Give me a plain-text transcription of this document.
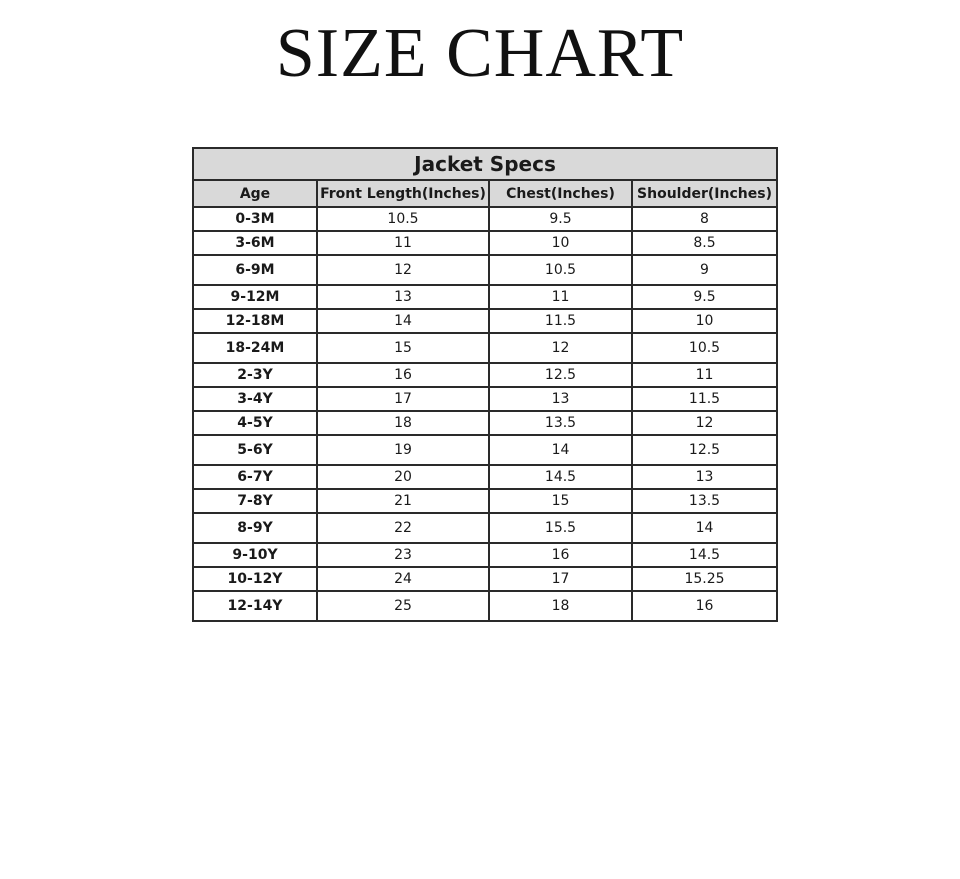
SIZE CHART
Jacket Specs			
Age	Front Length(Inches)	Chest(Inches)	Shoulder(Inches)
0-3M	10.5	9.5	8
3-6M	11	10	8.5
6-9M	12	10.5	9
9-12M	13	11	9.5
12-18M	14	11.5	10
18-24M	15	12	10.5
2-3Y	16	12.5	11
3-4Y	17	13	11.5
4-5Y	18	13.5	12
5-6Y	19	14	12.5
6-7Y	20	14.5	13
7-8Y	21	15	13.5
8-9Y	22	15.5	14
9-10Y	23	16	14.5
10-12Y	24	17	15.25
12-14Y	25	18	16
